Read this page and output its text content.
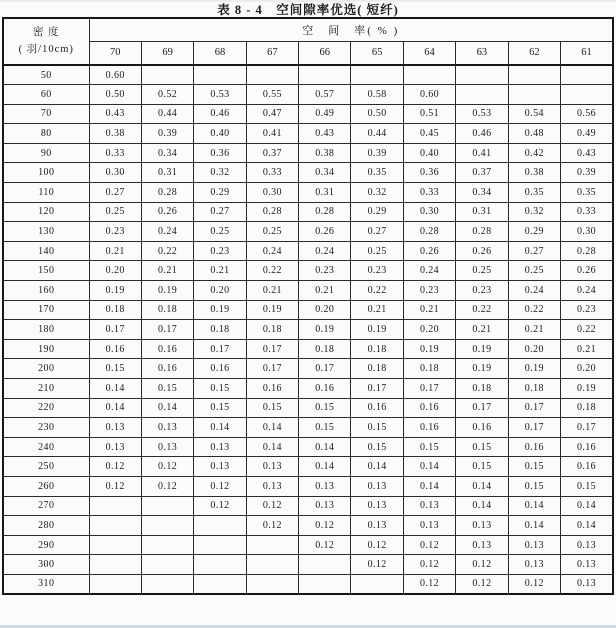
表 8 - 4　空间隙率优选( 短纤)
密 度
( 羽/10cm)	空　间　率( % )									
	70	69	68	67	66	65	64	63	62	61
50	0.60									
60	0.50	0.52	0.53	0.55	0.57	0.58	0.60			
70	0.43	0.44	0.46	0.47	0.49	0.50	0.51	0.53	0.54	0.56
80	0.38	0.39	0.40	0.41	0.43	0.44	0.45	0.46	0.48	0.49
90	0.33	0.34	0.36	0.37	0.38	0.39	0.40	0.41	0.42	0.43
100	0.30	0.31	0.32	0.33	0.34	0.35	0.36	0.37	0.38	0.39
110	0.27	0.28	0.29	0.30	0.31	0.32	0.33	0.34	0.35	0.35
120	0.25	0.26	0.27	0.28	0.28	0.29	0.30	0.31	0.32	0.33
130	0.23	0.24	0.25	0.25	0.26	0.27	0.28	0.28	0.29	0.30
140	0.21	0.22	0.23	0.24	0.24	0.25	0.26	0.26	0.27	0.28
150	0.20	0.21	0.21	0.22	0.23	0.23	0.24	0.25	0.25	0.26
160	0.19	0.19	0.20	0.21	0.21	0.22	0.23	0.23	0.24	0.24
170	0.18	0.18	0.19	0.19	0.20	0.21	0.21	0.22	0.22	0.23
180	0.17	0.17	0.18	0.18	0.19	0.19	0.20	0.21	0.21	0.22
190	0.16	0.16	0.17	0.17	0.18	0.18	0.19	0.19	0.20	0.21
200	0.15	0.16	0.16	0.17	0.17	0.18	0.18	0.19	0.19	0.20
210	0.14	0.15	0.15	0.16	0.16	0.17	0.17	0.18	0.18	0.19
220	0.14	0.14	0.15	0.15	0.15	0.16	0.16	0.17	0.17	0.18
230	0.13	0.13	0.14	0.14	0.15	0.15	0.16	0.16	0.17	0.17
240	0.13	0.13	0.13	0.14	0.14	0.15	0.15	0.15	0.16	0.16
250	0.12	0.12	0.13	0.13	0.14	0.14	0.14	0.15	0.15	0.16
260	0.12	0.12	0.12	0.13	0.13	0.13	0.14	0.14	0.15	0.15
270			0.12	0.12	0.13	0.13	0.13	0.14	0.14	0.14
280				0.12	0.12	0.13	0.13	0.13	0.14	0.14
290					0.12	0.12	0.12	0.13	0.13	0.13
300						0.12	0.12	0.12	0.13	0.13
310							0.12	0.12	0.12	0.13
